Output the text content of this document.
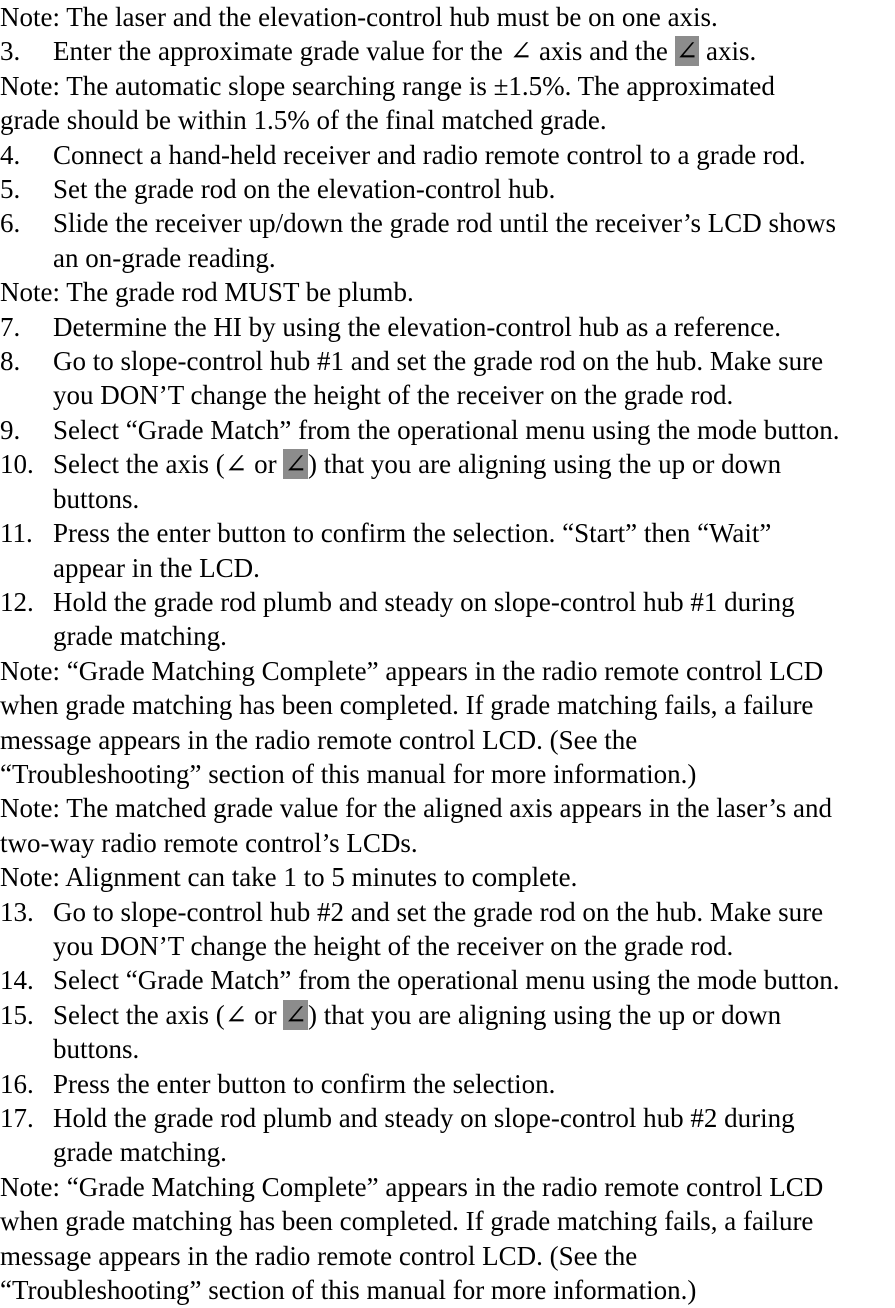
Note: The laser and the elevation-control hub must be on one axis.
3.	Enter the approximate grade value for the ∠ axis and the ∠ axis.
Note: The automatic slope searching range is ±1.5%. The approximated
grade should be within 1.5% of the final matched grade.
4.	Connect a hand-held receiver and radio remote control to a grade rod.
5.	Set the grade rod on the elevation-control hub.
6.	Slide the receiver up/down the grade rod until the receiver’s LCD shows
an on-grade reading.
Note: The grade rod MUST be plumb.
7.	Determine the HI by using the elevation-control hub as a reference.
8.	Go to slope-control hub #1 and set the grade rod on the hub. Make sure
you DON’T change the height of the receiver on the grade rod.
9.	Select “Grade Match” from the operational menu using the mode button.
10. Select the axis (∠ or ∠) that you are aligning using the up or down
buttons.
11. Press the enter button to confirm the selection. “Start” then “Wait”
appear in the LCD.
12. Hold the grade rod plumb and steady on slope-control hub #1 during
grade matching.
Note: “Grade Matching Complete” appears in the radio remote control LCD
when grade matching has been completed. If grade matching fails, a failure
message appears in the radio remote control LCD. (See the
“Troubleshooting” section of this manual for more information.)
Note: The matched grade value for the aligned axis appears in the laser’s and
two-way radio remote control’s LCDs.
Note: Alignment can take 1 to 5 minutes to complete.
13. Go to slope-control hub #2 and set the grade rod on the hub. Make sure
you DON’T change the height of the receiver on the grade rod.
14. Select “Grade Match” from the operational menu using the mode button.
15. Select the axis (∠ or ∠) that you are aligning using the up or down
buttons.
16. Press the enter button to confirm the selection.
17. Hold the grade rod plumb and steady on slope-control hub #2 during
grade matching.
Note: “Grade Matching Complete” appears in the radio remote control LCD
when grade matching has been completed. If grade matching fails, a failure
message appears in the radio remote control LCD. (See the
“Troubleshooting” section of this manual for more information.)
